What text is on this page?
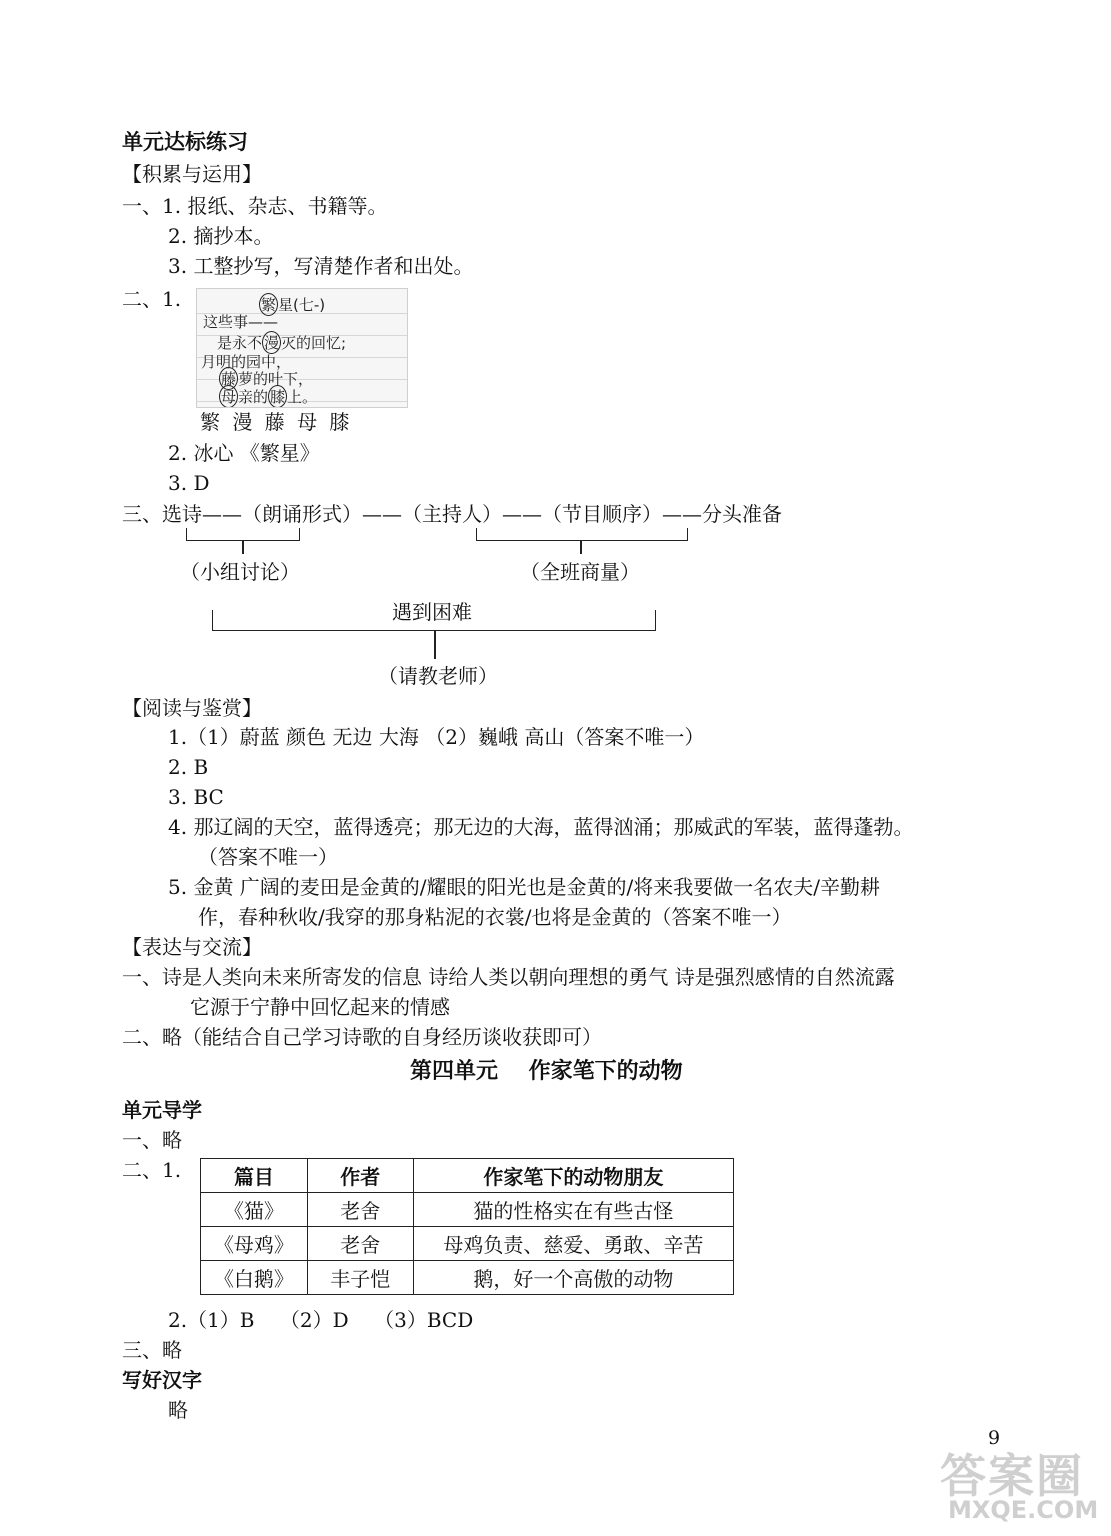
单元达标练习
【积累与运用】
一、1. 报纸、杂志、书籍等。
2. 摘抄本。
3. 工整抄写，写清楚作者和出处。
二、1.	繁 星(七-)
这些事——
是永不 漫 灭的回忆;
月明的园中，
藤 萝的叶下，
母 亲的 膝 上。
繁 漫 藤 母 膝
2. 冰心 《繁星》
3. D
三、选诗——（朗诵形式）——（主持人）——（节目顺序）——分头准备
（小组讨论）	（全班商量）
遇到困难
（请教老师）
【阅读与鉴赏】
1.（1）蔚蓝 颜色 无边 大海 （2）巍峨 高山（答案不唯一）
2. B
3. BC
4. 那辽阔的天空，蓝得透亮；那无边的大海，蓝得汹涌；那威武的军装，蓝得蓬勃。
（答案不唯一）
5. 金黄 广阔的麦田是金黄的/耀眼的阳光也是金黄的/将来我要做一名农夫/辛勤耕
作，春种秋收/我穿的那身粘泥的衣裳/也将是金黄的（答案不唯一）
【表达与交流】
一、诗是人类向未来所寄发的信息 诗给人类以朝向理想的勇气 诗是强烈感情的自然流露
它源于宁静中回忆起来的情感
二、略（能结合自己学习诗歌的自身经历谈收获即可）
第四单元    作家笔下的动物
单元导学
一、略
二、1.	篇目	作者	作家笔下的动物朋友
《猫》	老舍	猫的性格实在有些古怪
《母鸡》	老舍	母鸡负责、慈爱、勇敢、辛苦
《白鹅》	丰子恺	鹅，好一个高傲的动物
2.（1）B    （2）D    （3）BCD
三、略
写好汉字
略
9
答案圈
MXQE.COM
